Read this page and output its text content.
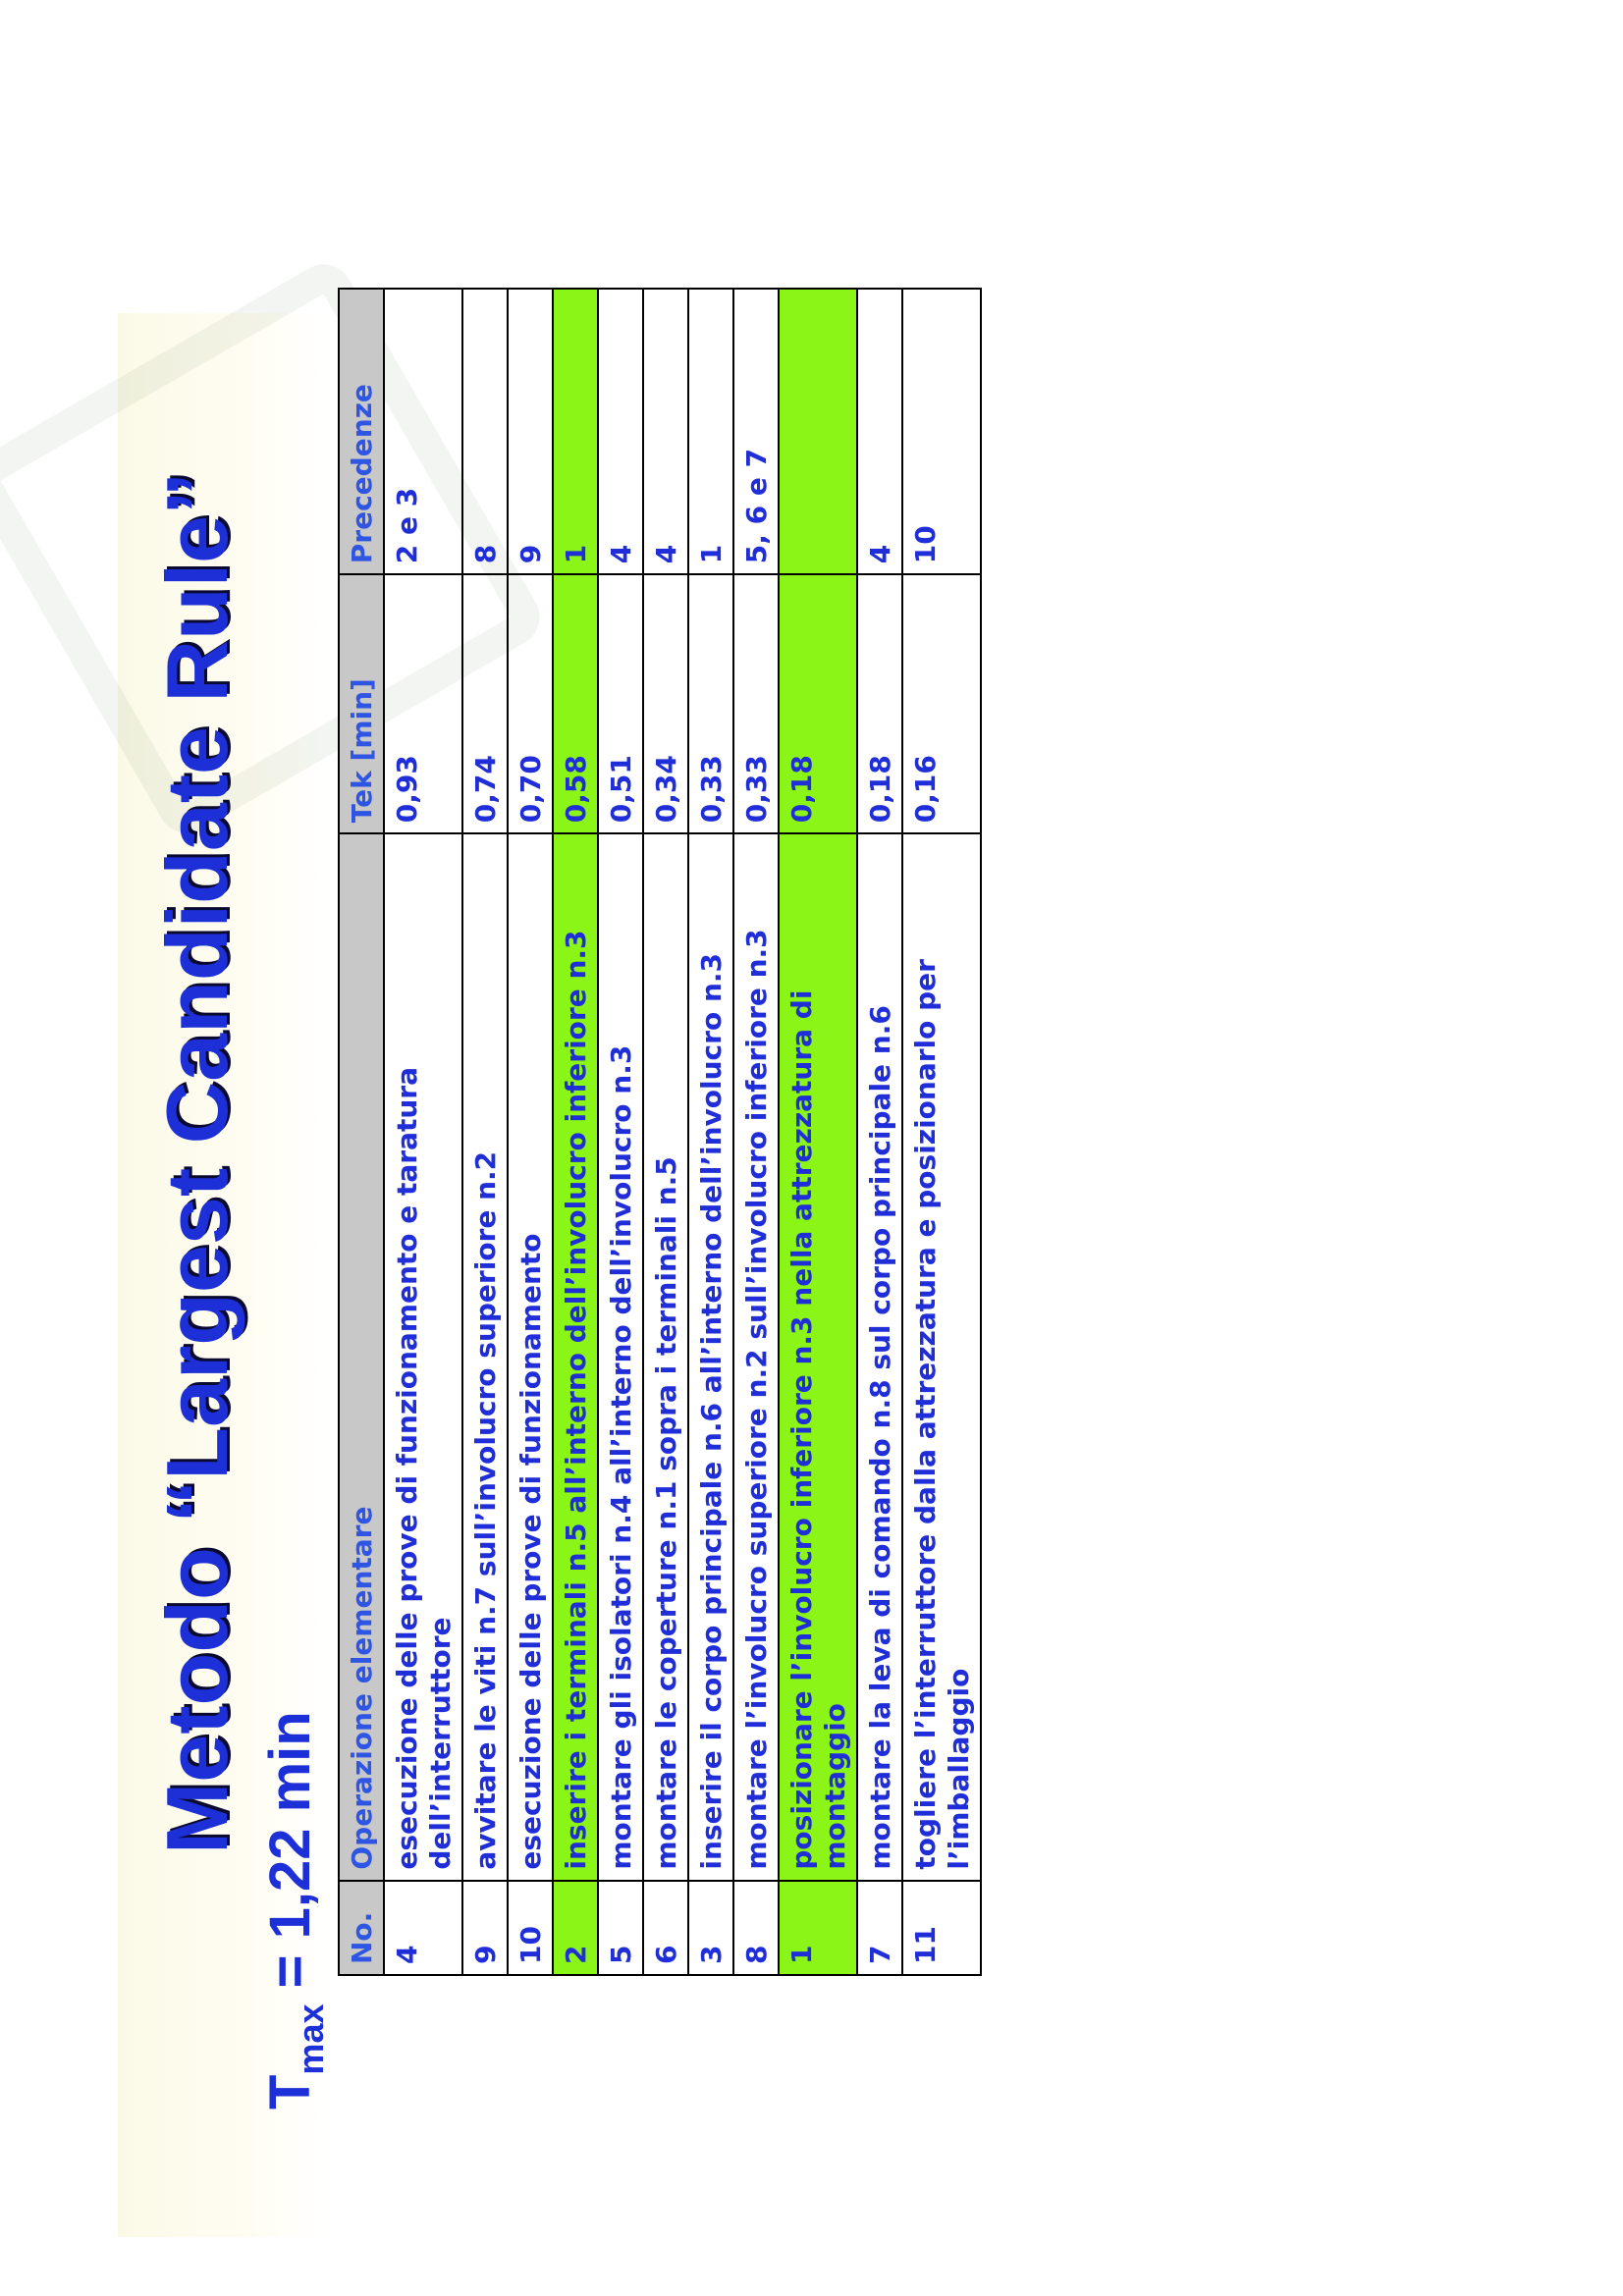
Metodo “Largest Candidate Rule”
$T_{max} = 1,22$ min No.	Operazione elementare	Tek [min]	Precedenze
4	esecuzione delle prove di funzionamento e taratura dell’interruttore	0,93	2 e 3
9	avvitare le viti n.7 sull’involucro superiore n.2	0,74	8
10	esecuzione delle prove di funzionamento	0,70	9
2	inserire i terminali n.5 all’interno dell’involucro inferiore n.3	0,58	1
5	montare gli isolatori n.4 all’interno dell’involucro n.3	0,51	4
6	montare le coperture n.1 sopra i terminali n.5	0,34	4
3	inserire il corpo principale n.6 all’interno dell’involucro n.3	0,33	1
8	montare l’involucro superiore n.2 sull’involucro inferiore n.3	0,33	5, 6 e 7
1	posizionare l’involucro inferiore n.3 nella attrezzatura di montaggio	0,18	
7	montare la leva di comando n.8 sul corpo principale n.6	0,18	4
11	togliere l’interruttore dalla attrezzatura e posizionarlo per l’imballaggio	0,16	10
